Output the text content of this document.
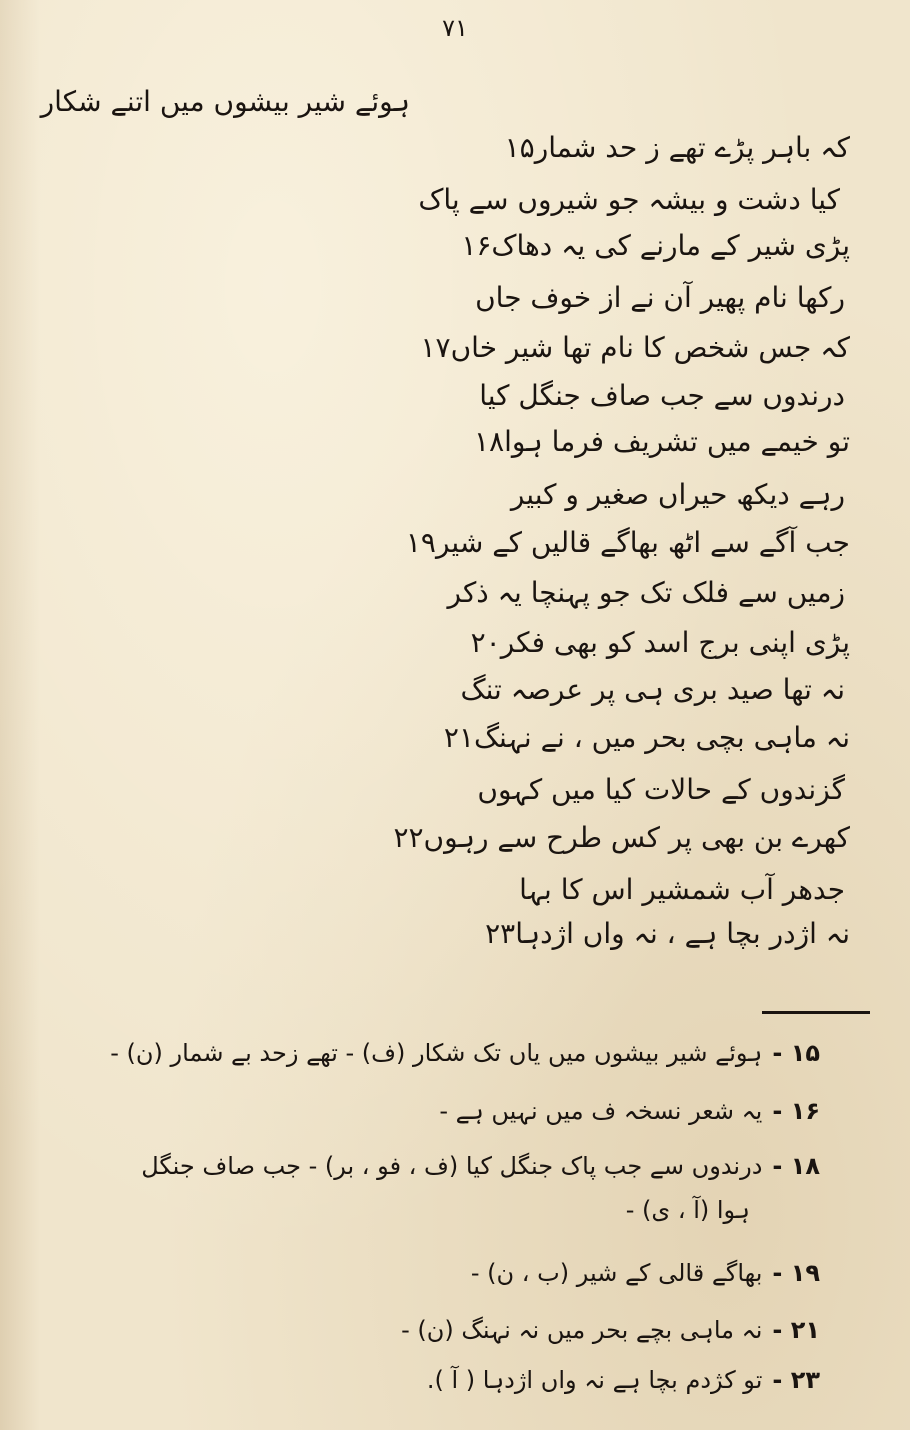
۷۱
ہوئے شیر بیشوں میں اتنے شکار
کہ باہر پڑے تھے ز حد شمار۱۵
کیا دشت و بیشہ جو شیروں سے پاک
پڑی شیر کے مارنے کی یہ دھاک۱۶
رکھا نام پھیر آن نے از خوف جاں
کہ جس شخص کا نام تھا شیر خاں۱۷
درندوں سے جب صاف جنگل کیا
تو خیمے میں تشریف فرما ہوا۱۸
رہے دیکھ حیراں صغیر و کبیر
جب آگے سے اٹھ بھاگے قالیں کے شیر۱۹
زمیں سے فلک تک جو پہنچا یہ ذکر
پڑی اپنی برج اسد کو بھی فکر۲۰
نہ تھا صید بری ہی پر عرصہ تنگ
نہ ماہی بچی بحر میں ، نے نہنگ۲۱
گزندوں کے حالات کیا میں کہوں
کھرے بن بھی پر کس طرح سے رہوں۲۲
جدھر آب شمشیر اس کا بہا
نہ اژدر بچا ہے ، نہ واں اژدہا۲۳
۱۵ -ہوئے شیر بیشوں میں یاں تک شکار (ف) - تھے زحد بے شمار (ن) -
۱۶ -یہ شعر نسخہ ف میں نہیں ہے -
۱۸ -درندوں سے جب پاک جنگل کیا (ف ، فو ، بر) - جب صاف جنگل
ہوا (آ ، ی) -
۱۹ -بھاگے قالی کے شیر (ب ، ن) -
۲۱ -نہ ماہی بچے بحر میں نہ نہنگ (ن) -
۲۳ -تو کژدم بچا ہے نہ واں اژدہا ( آ ).
